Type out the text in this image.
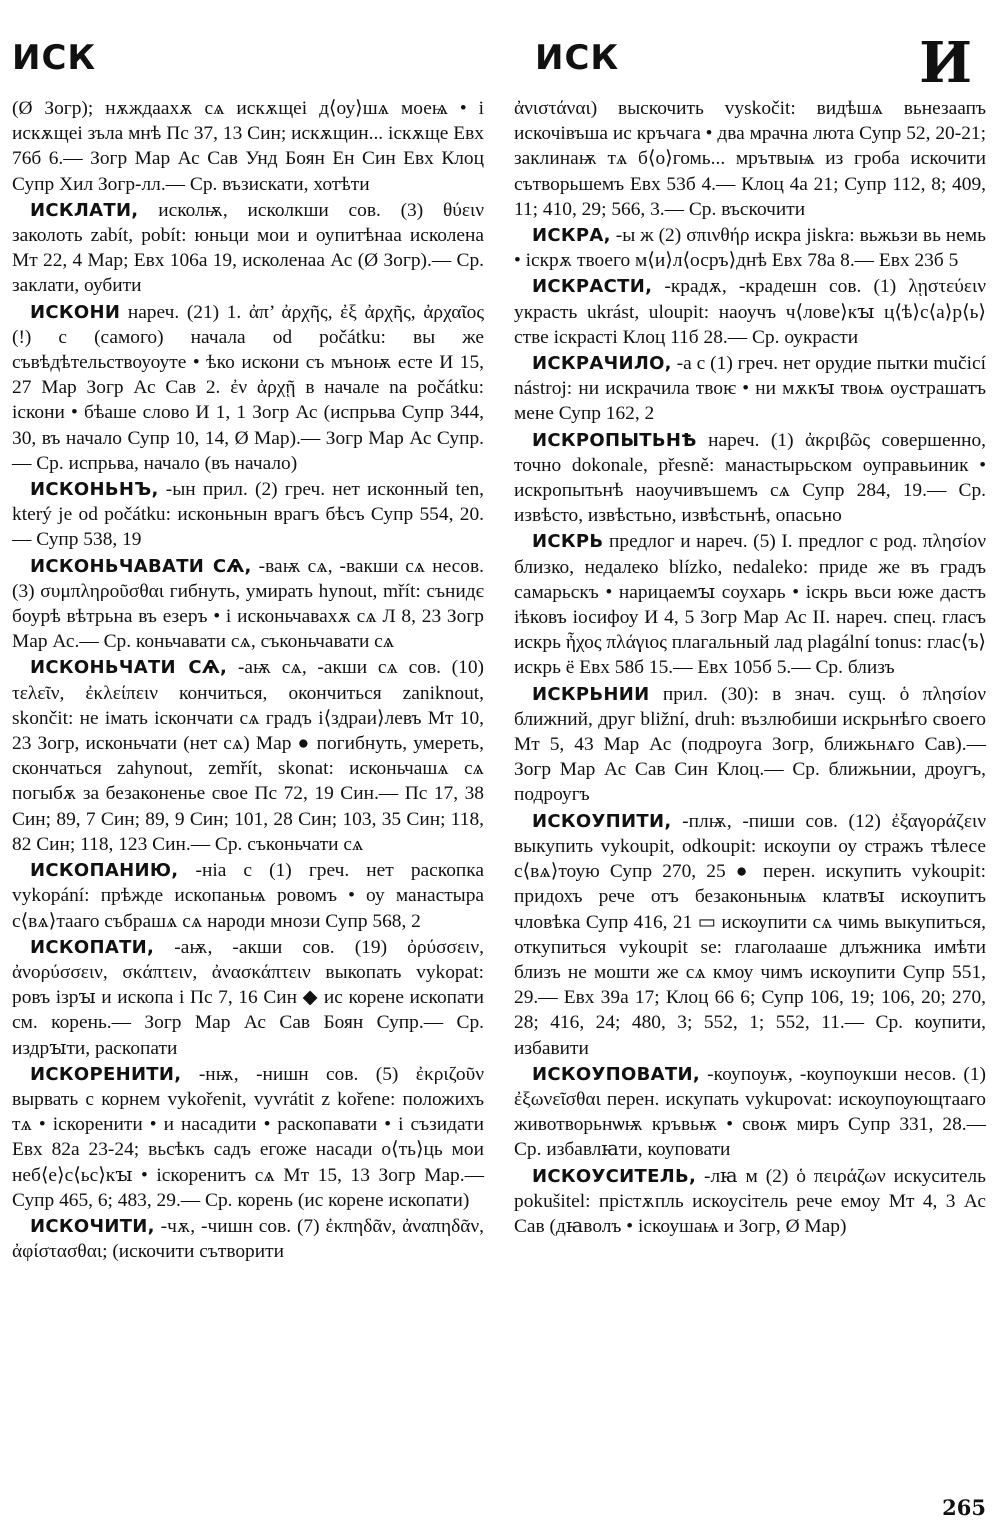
ИСК	ИСК	И

(Ø Зогр); нѫждаахѫ сѧ искѫщеі д⟨оу⟩шѧ моеѩ • і искѫщеі зъла мнѣ Пс 37, 13 Син; искѫщин... іскѫще Евх 76б 6.— Зогр Мар Ас Сав Унд Боян Ен Син Евх Клоц Супр Хил Зогр-лл.— Ср. възискати, хотѣти

ИСКЛАТИ, исколѭ, исколкши сов. (3) θύειν заколоть zabít, pobít: юньци мои и оупитѣнаа исколена Мт 22, 4 Мар; Евх 106а 19, исколенаа Ас (Ø Зогр).— Ср. заклати, оубити

ИСКОНИ нареч. (21) 1. ἀπ’ ἀρχῆς, ἐξ ἀρχῆς, ἀρχαῖος (!) с (самого) начала od počátku: вы же съвѣдѣтельствоуоуте • ѣко искони съ мъноѭ есте И 15, 27 Мар Зогр Ас Сав 2. ἐν ἀρχῇ в начале na počátku: іскони • бѣаше слово И 1, 1 Зогр Ас (испрьва Супр 344, 30, въ начало Супр 10, 14, Ø Мар).— Зогр Мар Ас Супр.— Ср. испрьва, начало (въ начало)

ИСКОНЬНЪ, -ын прил. (2) греч. нет исконный ten, který je od počátku: исконьнын врагъ бѣсъ Супр 554, 20.— Супр 538, 19

ИСКОНЬЧАВАТИ СѦ, -ваѭ сѧ, -вакши сѧ несов. (3) συμπληροῦσθαι гибнуть, умирать hynout, mřít: сънидє боурѣ вѣтрьна въ езеръ • і исконьчавахѫ сѧ Л 8, 23 Зогр Мар Ас.— Ср. коньчавати сѧ, съконьчавати сѧ

ИСКОНЬЧАТИ СѦ, -аѭ сѧ, -акши сѧ сов. (10) τελεῖν, ἐκλείπειν кончиться, окончиться zaniknout, skončit: не імать іскончати сѧ градъ і⟨здраи⟩левъ Мт 10, 23 Зогр, исконьчати (нет сѧ) Мар ● погибнуть, умереть, скончаться zahynout, zemřít, skonat: исконьчашѧ сѧ погыбѫ за безаконенье свое Пс 72, 19 Син.— Пс 17, 38 Син; 89, 7 Син; 89, 9 Син; 101, 28 Син; 103, 35 Син; 118, 82 Син; 118, 123 Син.— Ср. съконьчати сѧ

ИСКОПАНИЮ, -ніа с (1) греч. нет раскопка vykopání: прѣжде ископаньѩ ровомъ • оу манастыра с⟨вѧ⟩тааго събрашѧ сѧ народи мнози Супр 568, 2

ИСКОПАТИ, -аѭ, -акши сов. (19) ὀρύσσειν, ἀνορύσσειν, σκάπτειν, ἀνασκάπτειν выкопать vykopat: ровъ ізрꙑ и ископа і Пс 7, 16 Син ◆ ис корене ископати см. корень.— Зогр Мар Ас Сав Боян Супр.— Ср. издрꙑти, раскопати

ИСКОРЕНИТИ, -нѭ, -нишн сов. (5) ἐκριζοῦν вырвать с корнем vykořenit, vyvrátit z kořene: положихъ тѧ • іскоренити • и насадити • раскопавати • і съзидати Евх 82а 23-24; вьсѣкъ садъ егоже насади о⟨ть⟩ць мои неб⟨е⟩с⟨ьс⟩кꙑ • іскоренитъ сѧ Мт 15, 13 Зогр Мар.— Супр 465, 6; 483, 29.— Ср. корень (ис корене ископати)

ИСКОЧИТИ, -чѫ, -чишн сов. (7) ἐκπηδᾶν, ἀναπηδᾶν, ἀφίστασθαι; (искочити сътворити

ἀνιστάναι) выскочить vyskočit: видѣшѧ вьнезаапъ искочівъша ис кръчага • два мрачна люта Супр 52, 20-21; заклинаѭ тѧ б⟨о⟩гомь... мрътвыѩ из гроба искочити сътворьшемъ Евх 53б 4.— Клоц 4а 21; Супр 112, 8; 409, 11; 410, 29; 566, 3.— Ср. въскочити

ИСКРА, -ы ж (2) σπινθήρ искра jiskra: вьжьзи вь немь • іскрѫ твоего м⟨и⟩л⟨осръ⟩днѣ Евх 78а 8.— Евх 23б 5

ИСКРАСТИ, -крадѫ, -крадешн сов. (1) λῃστεύειν украсть ukrást, uloupit: наоучъ ч⟨лове⟩кꙑ ц⟨ѣ⟩с⟨а⟩р⟨ь⟩стве іскрасті Клоц 11б 28.— Ср. оукрасти

ИСКРАЧИЛО, -а с (1) греч. нет орудие пытки mučicí nástroj: ни искрачила твоѥ • ни мѫкꙑ твоѩ оустрашатъ мене Супр 162, 2

ИСКРОПЫТЬНѢ нареч. (1) ἀκριβῶς совершенно, точно dokonale, přesně: манастырьском оуправьиник • искропытьнѣ наоучивъшемъ сѧ Супр 284, 19.— Ср. извѣсто, извѣстьно, извѣстьнѣ, опасьно

ИСКРЬ предлог и нареч. (5) I. предлог с род. πλησίον близко, недалеко blízko, nedaleko: приде же въ градъ самарьскъ • нарицаемꙑ соухарь • іскрь вьси юже дастъ іѣковъ іосифоу И 4, 5 Зогр Мар Ас II. нареч. спец. гласъ искрь ἦχος πλάγιος плагальный лад plagální tonus: глас⟨ъ⟩ искрь ё Евх 58б 15.— Евх 105б 5.— Ср. близъ

ИСКРЬНИИ прил. (30): в знач. сущ. ὁ πλησίον ближний, друг bližní, druh: възлюбиши искрьнѣго своего Мт 5, 43 Мар Ас (подроуга Зогр, ближьнѧго Сав).— Зогр Мар Ас Сав Син Клоц.— Ср. ближьнии, дроугъ, подроугъ

ИСКОУПИТИ, -плѭ, -пиши сов. (12) ἐξαγοράζειν выкупить vykoupit, odkoupit: искоупи оу стражъ тѣлесе с⟨вѧ⟩тоую Супр 270, 25 ● перен. искупить vykoupit: придохъ рече отъ безаконьныѩ клатвꙑ искоупитъ чловѣка Супр 416, 21 ▭ искоупити сѧ чимь выкупиться, откупиться vykoupit se: глаголааше длъжника имѣти близъ не мошти же сѧ кмоу чимъ искоупити Супр 551, 29.— Евх 39а 17; Клоц 66 6; Супр 106, 19; 106, 20; 270, 28; 416, 24; 480, 3; 552, 1; 552, 11.— Ср. коупити, избавити

ИСКОУПОВАТИ, -коупоуѭ, -коупоукши несов. (1) ἐξωνεῖσθαι перен. искупать vykupovat: искоупоующтааго животворьнѡѭ кръвьѭ • своѭ миръ Супр 331, 28.— Ср. избавлꙗти, коуповати

ИСКОУСИТЕЛЬ, -лꙗ м (2) ὁ πειράζων искуситель pokušitel: прістѫпль искоусітель рече емоу Мт 4, 3 Ас Сав (дꙗволъ • іскоушаѩ и Зогр, Ø Мар)

265
